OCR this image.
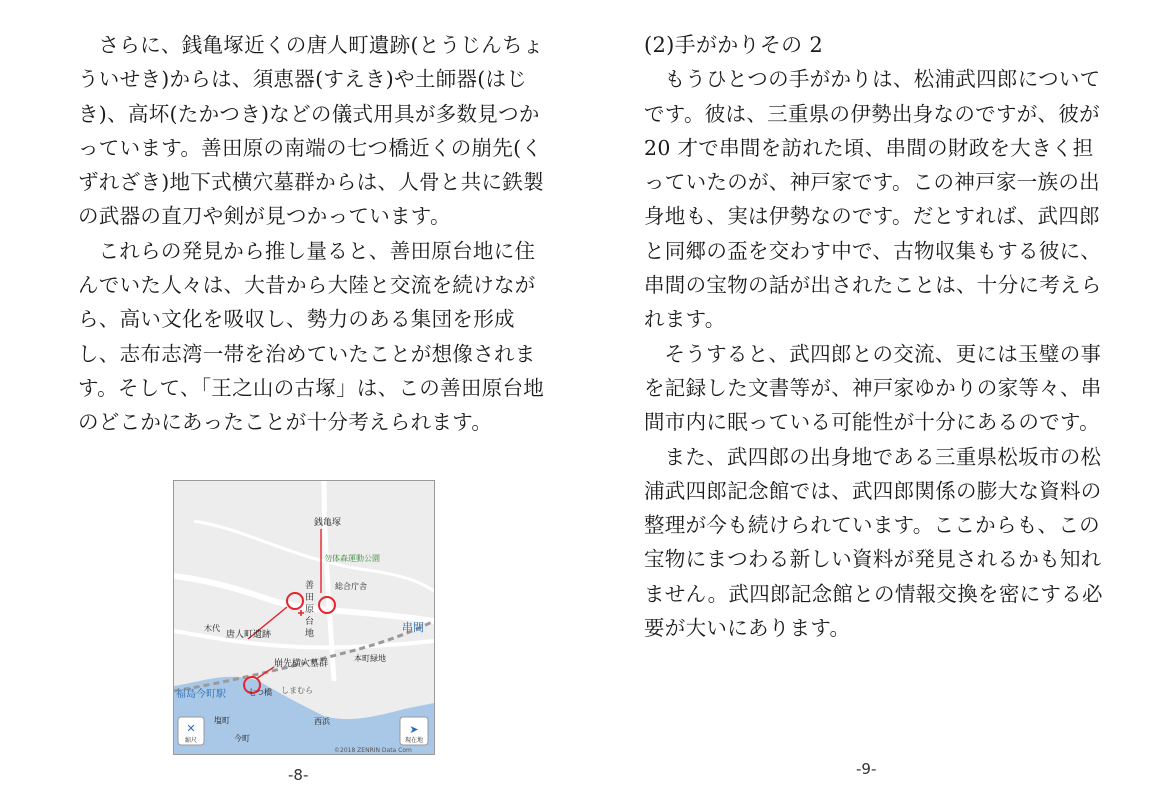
さらに、銭亀塚近くの唐人町遺跡(とうじんちょういせき)からは、須恵器(すえき)や土師器(はじき)、高坏(たかつき)などの儀式用具が多数見つかっています。善田原の南端の七つ橋近くの崩先(くずれざき)地下式横穴墓群からは、人骨と共に鉄製の武器の直刀や剣が見つかっています。

これらの発見から推し量ると、善田原台地に住んでいた人々は、大昔から大陸と交流を続けながら、高い文化を吸収し、勢力のある集団を形成し、志布志湾一帯を治めていたことが想像されます。そして、「王之山の古塚」は、この善田原台地のどこかにあったことが十分考えられます。

銭亀塚
勿体森運動公園
善
田
原
台
地
総合庁舎
串間
木代
唐人町遺跡
崩先横穴墓群
七つ橋
福島今町駅	しまむら
塩町
今町
西浜
本町緑地
©2018 ZENRIN Data Com
✕
縮尺
➤
現在地
-8-

(2)手がかりその 2

もうひとつの手がかりは、松浦武四郎についてです。彼は、三重県の伊勢出身なのですが、彼が 20 才で串間を訪れた頃、串間の財政を大きく担っていたのが、神戸家です。この神戸家一族の出身地も、実は伊勢なのです。だとすれば、武四郎と同郷の盃を交わす中で、古物収集もする彼に、串間の宝物の話が出されたことは、十分に考えられます。

そうすると、武四郎との交流、更には玉璧の事を記録した文書等が、神戸家ゆかりの家等々、串間市内に眠っている可能性が十分にあるのです。

また、武四郎の出身地である三重県松坂市の松浦武四郎記念館では、武四郎関係の膨大な資料の整理が今も続けられています。ここからも、この宝物にまつわる新しい資料が発見されるかも知れません。武四郎記念館との情報交換を密にする必要が大いにあります。

-9-
